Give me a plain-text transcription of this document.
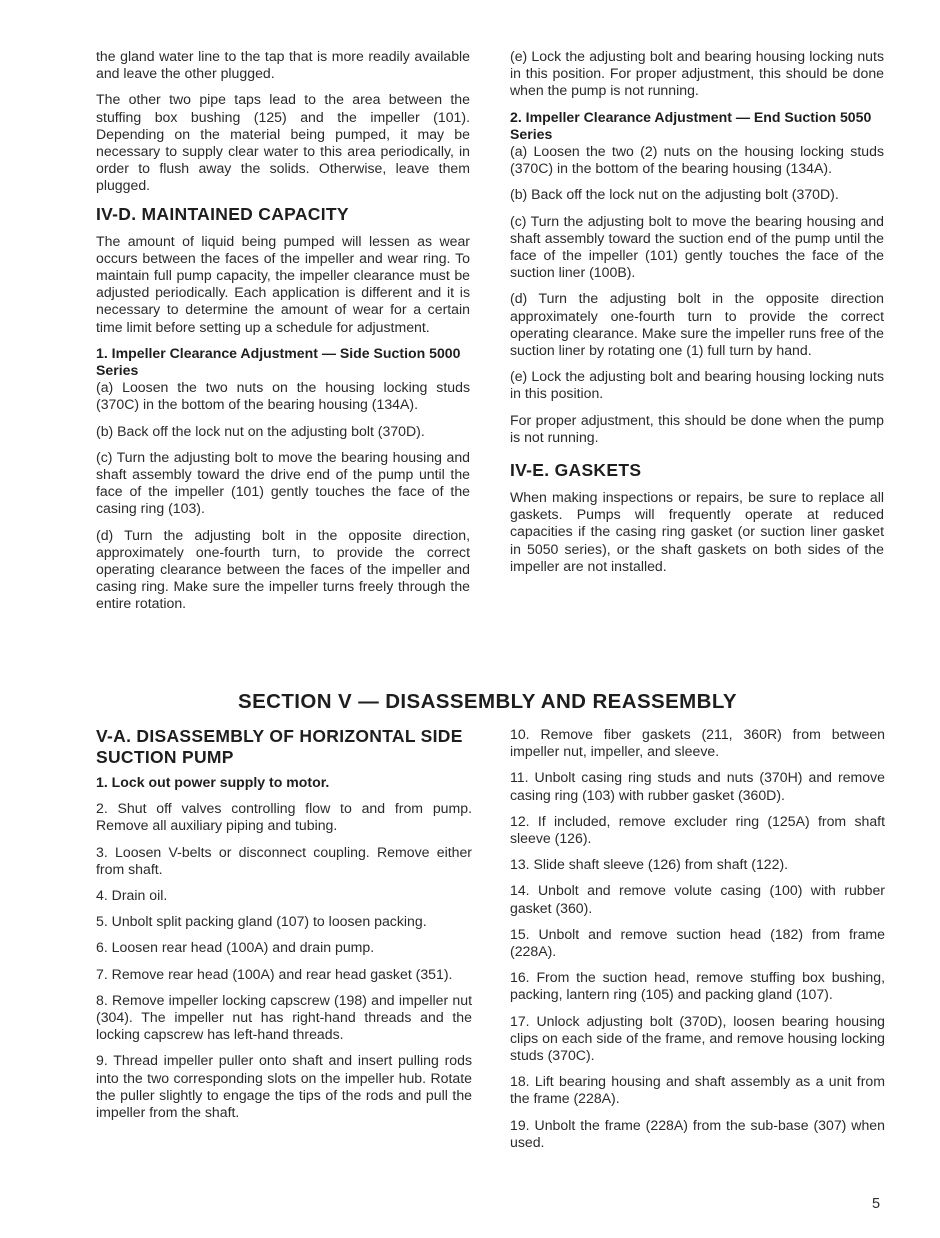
the gland water line to the tap that is more readily available and leave the other plugged.

The other two pipe taps lead to the area between the stuffing box bushing (125) and the impeller (101). Depending on the material being pumped, it may be necessary to supply clear water to this area periodically, in order to flush away the solids. Otherwise, leave them plugged.

IV-D. MAINTAINED CAPACITY

The amount of liquid being pumped will lessen as wear occurs between the faces of the impeller and wear ring. To maintain full pump capacity, the impeller clearance must be adjusted periodically. Each application is different and it is necessary to determine the amount of wear for a certain time limit before setting up a schedule for adjustment.

1. Impeller Clearance Adjustment — Side Suction 5000 Series

(a) Loosen the two nuts on the housing locking studs (370C) in the bottom of the bearing housing (134A).

(b) Back off the lock nut on the adjusting bolt (370D).

(c) Turn the adjusting bolt to move the bearing housing and shaft assembly toward the drive end of the pump until the face of the impeller (101) gently touches the face of the casing ring (103).

(d) Turn the adjusting bolt in the opposite direction, approximately one-fourth turn, to provide the correct operating clearance between the faces of the impeller and casing ring. Make sure the impeller turns freely through the entire rotation.

(e) Lock the adjusting bolt and bearing housing locking nuts in this position. For proper adjustment, this should be done when the pump is not running.

2. Impeller Clearance Adjustment — End Suction 5050 Series

(a) Loosen the two (2) nuts on the housing locking studs (370C) in the bottom of the bearing housing (134A).

(b) Back off the lock nut on the adjusting bolt (370D).

(c) Turn the adjusting bolt to move the bearing housing and shaft assembly toward the suction end of the pump until the face of the impeller (101) gently touches the face of the suction liner (100B).

(d) Turn the adjusting bolt in the opposite direction approximately one-fourth turn to provide the correct operating clearance. Make sure the impeller runs free of the suction liner by rotating one (1) full turn by hand.

(e) Lock the adjusting bolt and bearing housing locking nuts in this position.

For proper adjustment, this should be done when the pump is not running.

IV-E. GASKETS

When making inspections or repairs, be sure to replace all gaskets. Pumps will frequently operate at reduced capacities if the casing ring gasket (or suction liner gasket in 5050 series), or the shaft gaskets on both sides of the impeller are not installed.

SECTION V — DISASSEMBLY AND REASSEMBLY
V-A. DISASSEMBLY OF HORIZONTAL SIDE SUCTION PUMP

1. Lock out power supply to motor.

2. Shut off valves controlling flow to and from pump. Remove all auxiliary piping and tubing.

3. Loosen V-belts or disconnect coupling. Remove either from shaft.

4. Drain oil.

5. Unbolt split packing gland (107) to loosen packing.

6. Loosen rear head (100A) and drain pump.

7. Remove rear head (100A) and rear head gasket (351).

8. Remove impeller locking capscrew (198) and impeller nut (304). The impeller nut has right-hand threads and the locking capscrew has left-hand threads.

9. Thread impeller puller onto shaft and insert pulling rods into the two corresponding slots on the impeller hub. Rotate the puller slightly to engage the tips of the rods and pull the impeller from the shaft.

10. Remove fiber gaskets (211, 360R) from between impeller nut, impeller, and sleeve.

11. Unbolt casing ring studs and nuts (370H) and remove casing ring (103) with rubber gasket (360D).

12. If included, remove excluder ring (125A) from shaft sleeve (126).

13. Slide shaft sleeve (126) from shaft (122).

14. Unbolt and remove volute casing (100) with rubber gasket (360).

15. Unbolt and remove suction head (182) from frame (228A).

16. From the suction head, remove stuffing box bushing, packing, lantern ring (105) and packing gland (107).

17. Unlock adjusting bolt (370D), loosen bearing housing clips on each side of the frame, and remove housing locking studs (370C).

18. Lift bearing housing and shaft assembly as a unit from the frame (228A).

19. Unbolt the frame (228A) from the sub-base (307) when used.

5
